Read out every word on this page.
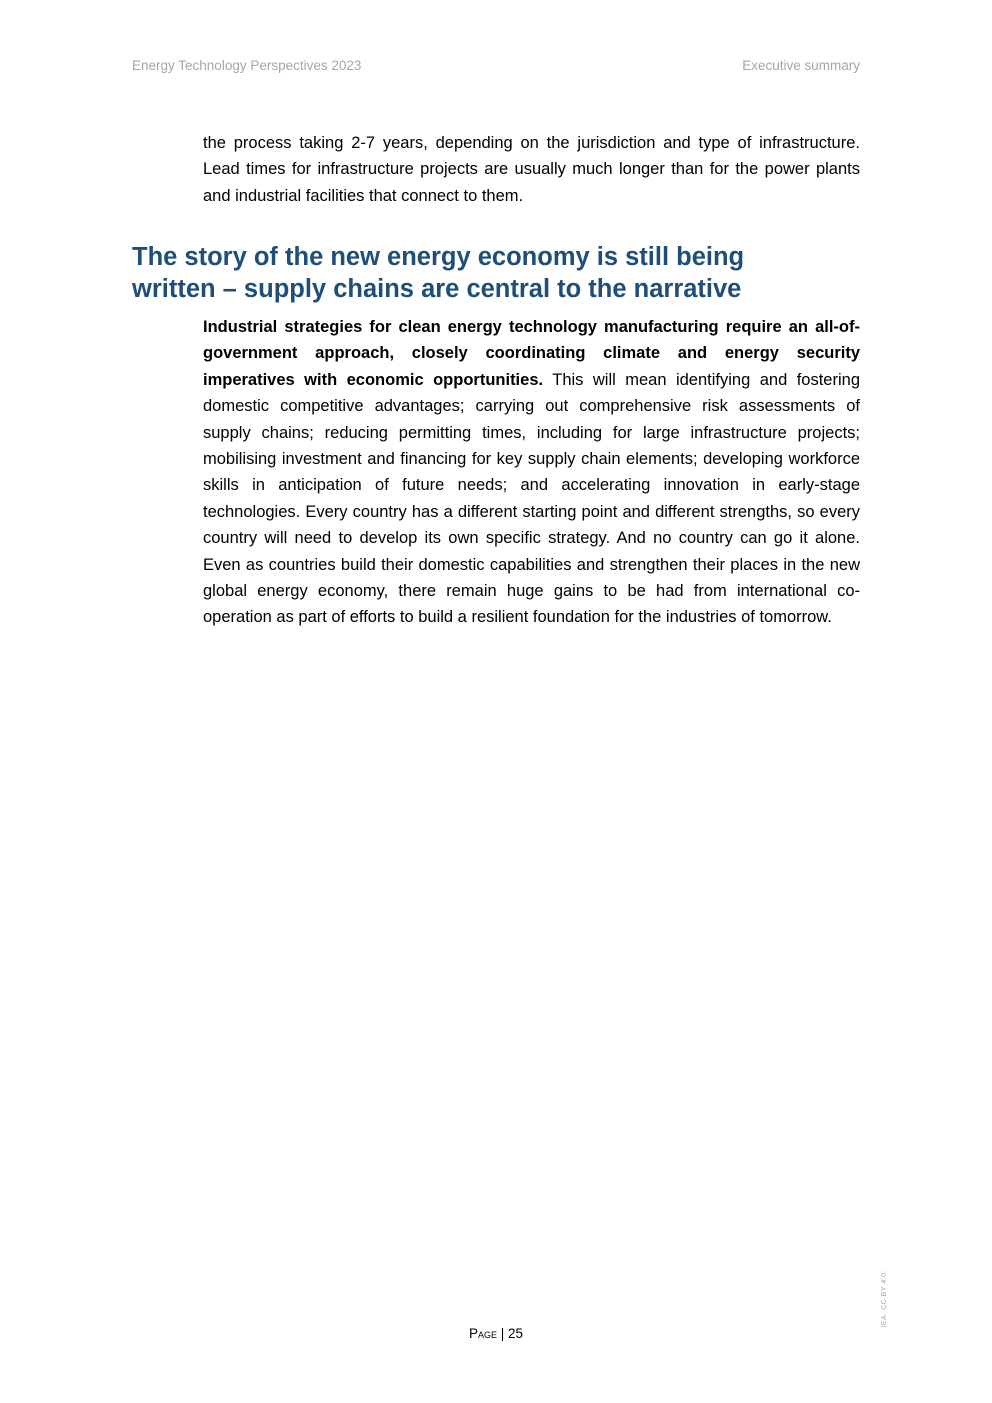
Energy Technology Perspectives 2023	Executive summary

the process taking 2-7 years, depending on the jurisdiction and type of infrastructure. Lead times for infrastructure projects are usually much longer than for the power plants and industrial facilities that connect to them.

The story of the new energy economy is still being written – supply chains are central to the narrative

Industrial strategies for clean energy technology manufacturing require an all-of-government approach, closely coordinating climate and energy security imperatives with economic opportunities. This will mean identifying and fostering domestic competitive advantages; carrying out comprehensive risk assessments of supply chains; reducing permitting times, including for large infrastructure projects; mobilising investment and financing for key supply chain elements; developing workforce skills in anticipation of future needs; and accelerating innovation in early-stage technologies. Every country has a different starting point and different strengths, so every country will need to develop its own specific strategy. And no country can go it alone. Even as countries build their domestic capabilities and strengthen their places in the new global energy economy, there remain huge gains to be had from international co-operation as part of efforts to build a resilient foundation for the industries of tomorrow.

Page | 25
IEA. CC BY 4.0.
